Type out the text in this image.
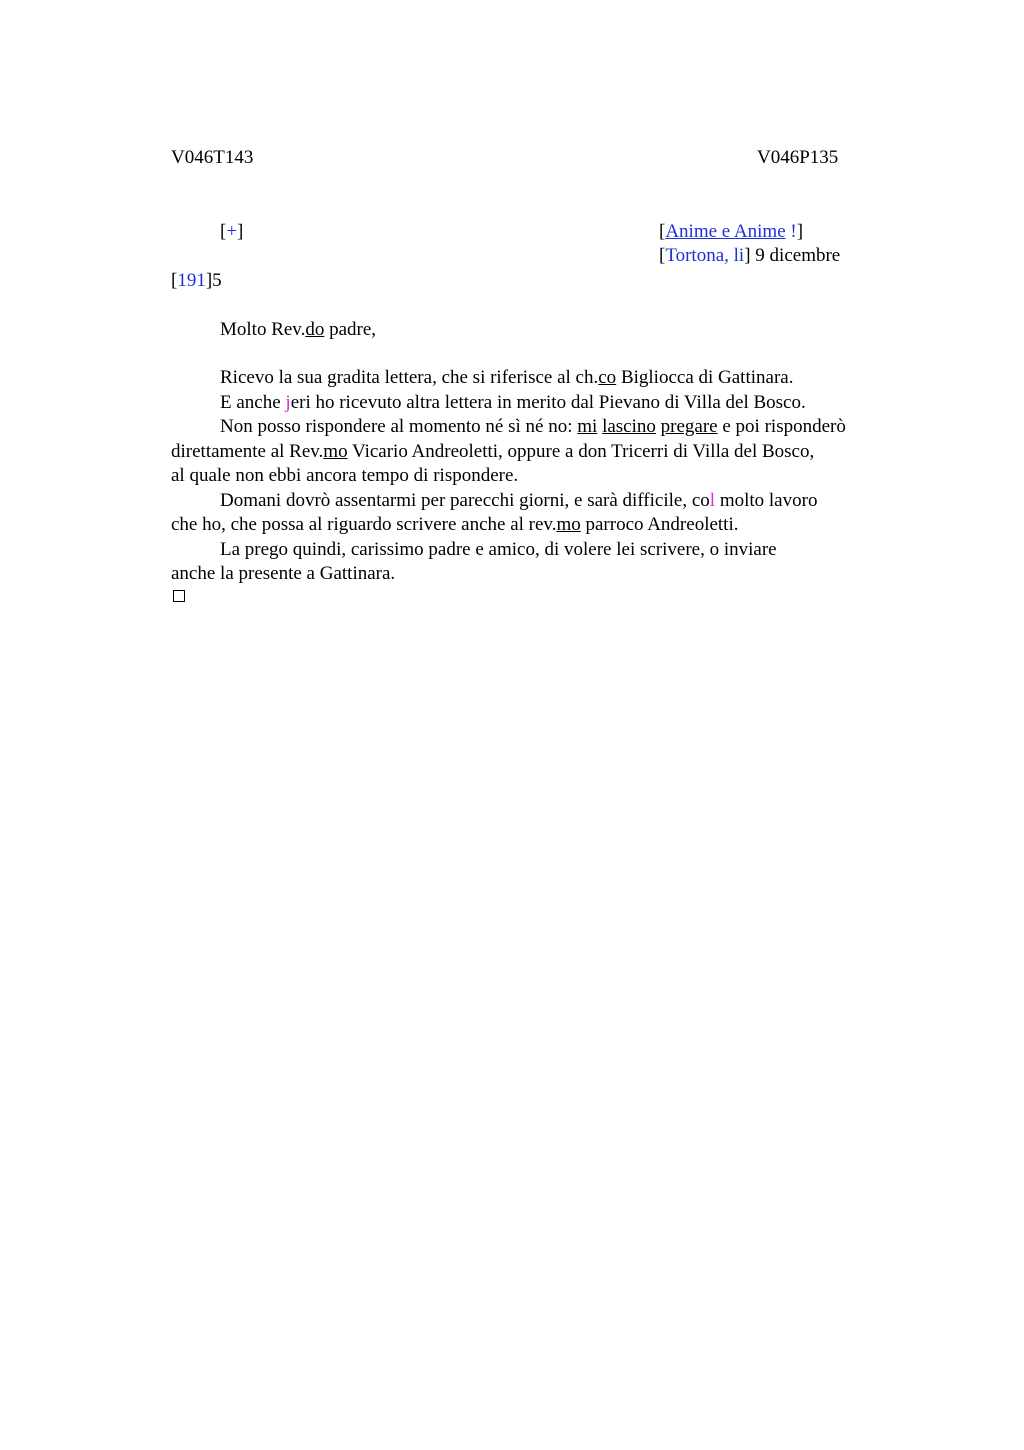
V046T143	V046P135
[+]	[Anime e Anime !]
[Tortona, li] 9 dicembre
[191]5
Molto Rev.do padre,

Ricevo la sua gradita lettera, che si riferisce al ch.co Bigliocca di Gattinara.

E anche jeri ho ricevuto altra lettera in merito dal Pievano di Villa del Bosco.

Non posso rispondere al momento né sì né no: mi lascino pregare e poi risponderò

direttamente al Rev.mo Vicario Andreoletti, oppure a don Tricerri di Villa del Bosco,
al quale non ebbi ancora tempo di rispondere.

Domani dovrò assentarmi per parecchi giorni, e sarà difficile, col molto lavoro

che ho, che possa al riguardo scrivere anche al rev.mo parroco Andreoletti.

La prego quindi, carissimo padre e amico, di volere lei scrivere, o inviare

anche la presente a Gattinara.
